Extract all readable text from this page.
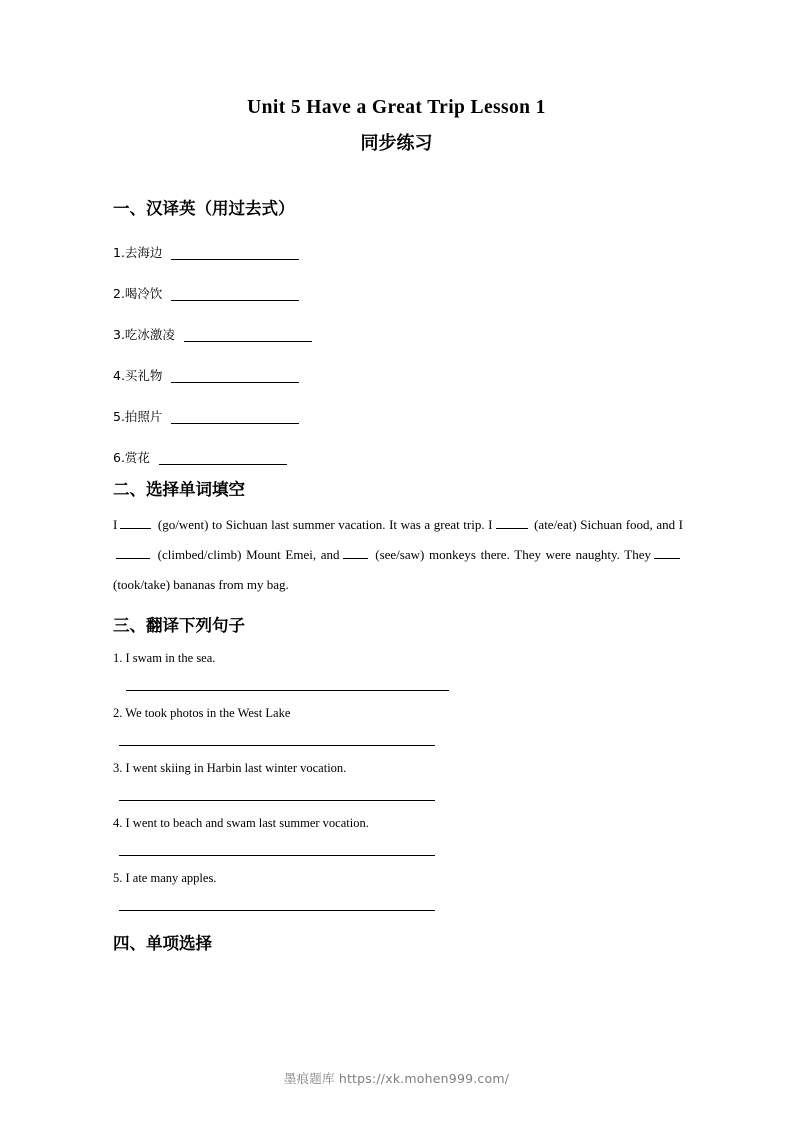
Unit 5 Have a Great Trip Lesson 1
同步练习
一、汉译英（用过去式）
1.去海边
2.喝冷饮
3.吃冰激凌
4.买礼物
5.拍照片
6.赏花
二、选择单词填空

I	(go/went) to Sichuan last summer vacation. It was a great trip. I	(ate/eat) Sichuan food, and I (climbed/climb) Mount Emei, and	(see/saw) monkeys there. They were naughty. They (took/take) bananas from my bag.

三、翻译下列句子
1. I swam in the sea.
2. We took photos in the West Lake
3. I went skiing in Harbin last winter vocation.
4. I went to beach and swam last summer vocation.
5. I ate many apples.
四、单项选择
墨痕题库 https://xk.mohen999.com/
